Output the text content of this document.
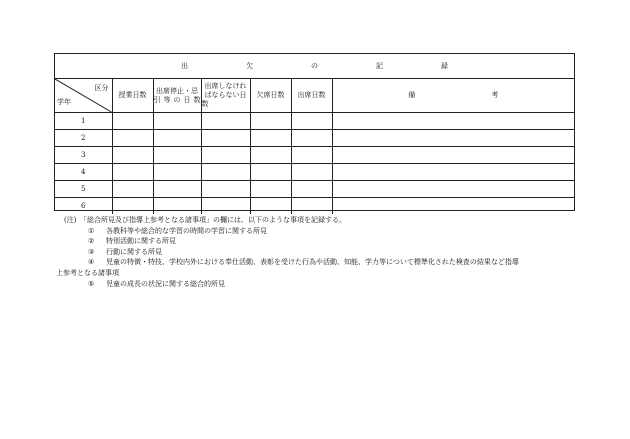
出 欠 の 記 録						

区分
学年	授業日数	出席停止・忌引等の日数	出席しなければならない日数	欠席日数	出席日数	備 考
1						
2						
3						
4						
5						
6						

(注)　「総合所見及び指導上参考となる諸事項」の欄には、以下のような事項を記録する。

① 各教科等や総合的な学習の時間の学習に関する所見

② 特別活動に関する所見

③ 行動に関する所見

④ 児童の特徴・特技、学校内外における奉仕活動、表彰を受けた行為や活動、知能、学力等について標準化された検査の結果など指導

上参考となる諸事項

⑤ 児童の成長の状況に関する総合的所見
